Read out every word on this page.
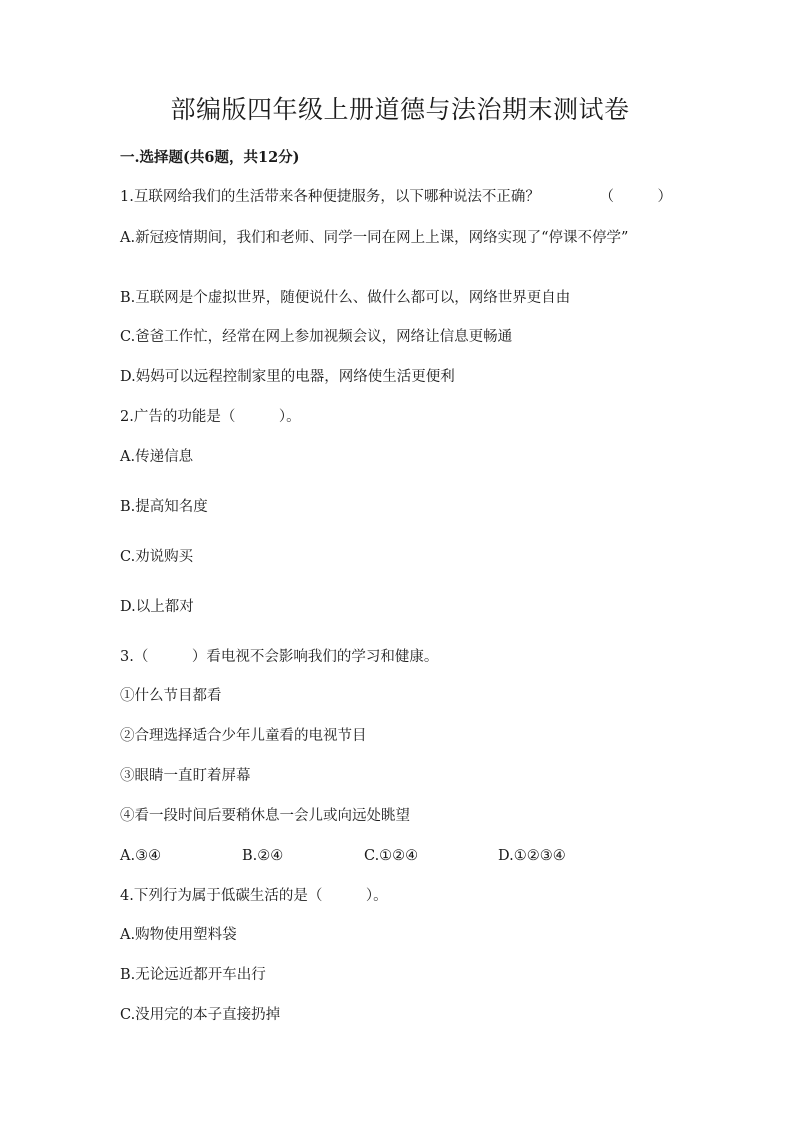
部编版四年级上册道德与法治期末测试卷
一.选择题(共6题，共12分)
1.互联网给我们的生活带来各种便捷服务，以下哪种说法不正确？	（　　　）
A.新冠疫情期间，我们和老师、同学一同在网上上课，网络实现了“停课不停学”
B.互联网是个虚拟世界，随便说什么、做什么都可以，网络世界更自由
C.爸爸工作忙，经常在网上参加视频会议，网络让信息更畅通
D.妈妈可以远程控制家里的电器，网络使生活更便利
2.广告的功能是（　　　）。
A.传递信息
B.提高知名度
C.劝说购买
D.以上都对
3.（　　　）看电视不会影响我们的学习和健康。
①什么节目都看
②合理选择适合少年儿童看的电视节目
③眼睛一直盯着屏幕
④看一段时间后要稍休息一会儿或向远处眺望
A.③④	B.②④	C.①②④	D.①②③④
4.下列行为属于低碳生活的是（　　　）。
A.购物使用塑料袋
B.无论远近都开车出行
C.没用完的本子直接扔掉
